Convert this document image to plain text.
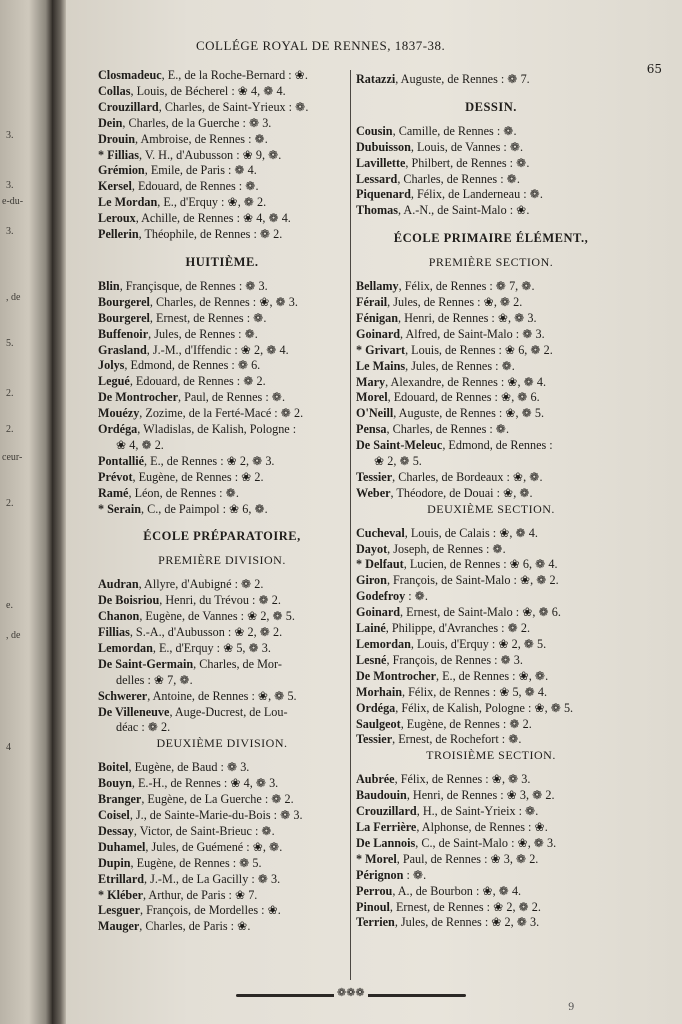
3.
3.
e-du-
3.
, de
5.
2.
2.
ceur-
2.
e.
, de
4
COLLÉGE ROYAL DE RENNES, 1837-38.
65
Closmadeuc, E., de la Roche-Bernard : ❀.
Collas, Louis, de Bécherel : ❀ 4, ❁ 4.
Crouzillard, Charles, de Saint-Yrieux : ❁.
Dein, Charles, de la Guerche : ❁ 3.
Drouin, Ambroise, de Rennes : ❁.
* Fillias, V. H., d'Aubusson : ❀ 9, ❁.
Grémion, Emile, de Paris : ❁ 4.
Kersel, Edouard, de Rennes : ❁.
Le Mordan, E., d'Erquy : ❀, ❁ 2.
Leroux, Achille, de Rennes : ❀ 4, ❁ 4.
Pellerin, Théophile, de Rennes : ❁ 2.
HUITIÈME.
Blin, Françisque, de Rennes : ❁ 3.
Bourgerel, Charles, de Rennes : ❀, ❁ 3.
Bourgerel, Ernest, de Rennes : ❁.
Buffenoir, Jules, de Rennes : ❁.
Grasland, J.-M., d'Iffendic : ❀ 2, ❁ 4.
Jolys, Edmond, de Rennes : ❁ 6.
Legué, Edouard, de Rennes : ❁ 2.
De Montrocher, Paul, de Rennes : ❁.
Mouézy, Zozime, de la Ferté-Macé : ❁ 2.
Ordéga, Wladislas, de Kalish, Pologne :
❀ 4, ❁ 2.
Pontallié, E., de Rennes : ❀ 2, ❁ 3.
Prévot, Eugène, de Rennes : ❀ 2.
Ramé, Léon, de Rennes : ❁.
* Serain, C., de Paimpol : ❀ 6, ❁.
ÉCOLE PRÉPARATOIRE,
PREMIÈRE DIVISION.
Audran, Allyre, d'Aubigné : ❁ 2.
De Boisriou, Henri, du Trévou : ❁ 2.
Chanon, Eugène, de Vannes : ❀ 2, ❁ 5.
Fillias, S.-A., d'Aubusson : ❀ 2, ❁ 2.
Lemordan, E., d'Erquy : ❀ 5, ❁ 3.
De Saint-Germain, Charles, de Mor-
delles : ❀ 7, ❁.
Schwerer, Antoine, de Rennes : ❀, ❁ 5.
De Villeneuve, Auge-Ducrest, de Lou-
déac : ❁ 2.
DEUXIÈME DIVISION.
Boitel, Eugène, de Baud : ❁ 3.
Bouyn, E.-H., de Rennes : ❀ 4, ❁ 3.
Branger, Eugène, de La Guerche : ❁ 2.
Coisel, J., de Sainte-Marie-du-Bois : ❁ 3.
Dessay, Victor, de Saint-Brieuc : ❁.
Duhamel, Jules, de Guémené : ❀, ❁.
Dupin, Eugène, de Rennes : ❁ 5.
Etrillard, J.-M., de La Gacilly : ❁ 3.
* Kléber, Arthur, de Paris : ❀ 7.
Lesguer, François, de Mordelles : ❀.
Mauger, Charles, de Paris : ❀.
Ratazzi, Auguste, de Rennes : ❁ 7.
DESSIN.
Cousin, Camille, de Rennes : ❁.
Dubuisson, Louis, de Vannes : ❁.
Lavillette, Philbert, de Rennes : ❁.
Lessard, Charles, de Rennes : ❁.
Piquenard, Félix, de Landerneau : ❁.
Thomas, A.-N., de Saint-Malo : ❀.
ÉCOLE PRIMAIRE ÉLÉMENT.,
PREMIÈRE SECTION.
Bellamy, Félix, de Rennes : ❁ 7, ❁.
Férail, Jules, de Rennes : ❀, ❁ 2.
Fénigan, Henri, de Rennes : ❀, ❁ 3.
Goinard, Alfred, de Saint-Malo : ❁ 3.
* Grivart, Louis, de Rennes : ❀ 6, ❁ 2.
Le Mains, Jules, de Rennes : ❁.
Mary, Alexandre, de Rennes : ❀, ❁ 4.
Morel, Edouard, de Rennes : ❀, ❁ 6.
O'Neill, Auguste, de Rennes : ❀, ❁ 5.
Pensa, Charles, de Rennes : ❁.
De Saint-Meleuc, Edmond, de Rennes :
❀ 2, ❁ 5.
Tessier, Charles, de Bordeaux : ❀, ❁.
Weber, Théodore, de Douai : ❀, ❁.
DEUXIÈME SECTION.
Cucheval, Louis, de Calais : ❀, ❁ 4.
Dayot, Joseph, de Rennes : ❁.
* Delfaut, Lucien, de Rennes : ❀ 6, ❁ 4.
Giron, François, de Saint-Malo : ❀, ❁ 2.
Godefroy : ❁.
Goinard, Ernest, de Saint-Malo : ❀, ❁ 6.
Lainé, Philippe, d'Avranches : ❁ 2.
Lemordan, Louis, d'Erquy : ❀ 2, ❁ 5.
Lesné, François, de Rennes : ❁ 3.
De Montrocher, E., de Rennes : ❀, ❁.
Morhain, Félix, de Rennes : ❀ 5, ❁ 4.
Ordéga, Félix, de Kalish, Pologne : ❀, ❁ 5.
Saulgeot, Eugène, de Rennes : ❁ 2.
Tessier, Ernest, de Rochefort : ❁.
TROISIÈME SECTION.
Aubrée, Félix, de Rennes : ❀, ❁ 3.
Baudouin, Henri, de Rennes : ❀ 3, ❁ 2.
Crouzillard, H., de Saint-Yrieix : ❁.
La Ferrière, Alphonse, de Rennes : ❀.
De Lannois, C., de Saint-Malo : ❀, ❁ 3.
* Morel, Paul, de Rennes : ❀ 3, ❁ 2.
Pérignon : ❁.
Perrou, A., de Bourbon : ❀, ❁ 4.
Pinoul, Ernest, de Rennes : ❀ 2, ❁ 2.
Terrien, Jules, de Rennes : ❀ 2, ❁ 3.
❁❁❁
9
